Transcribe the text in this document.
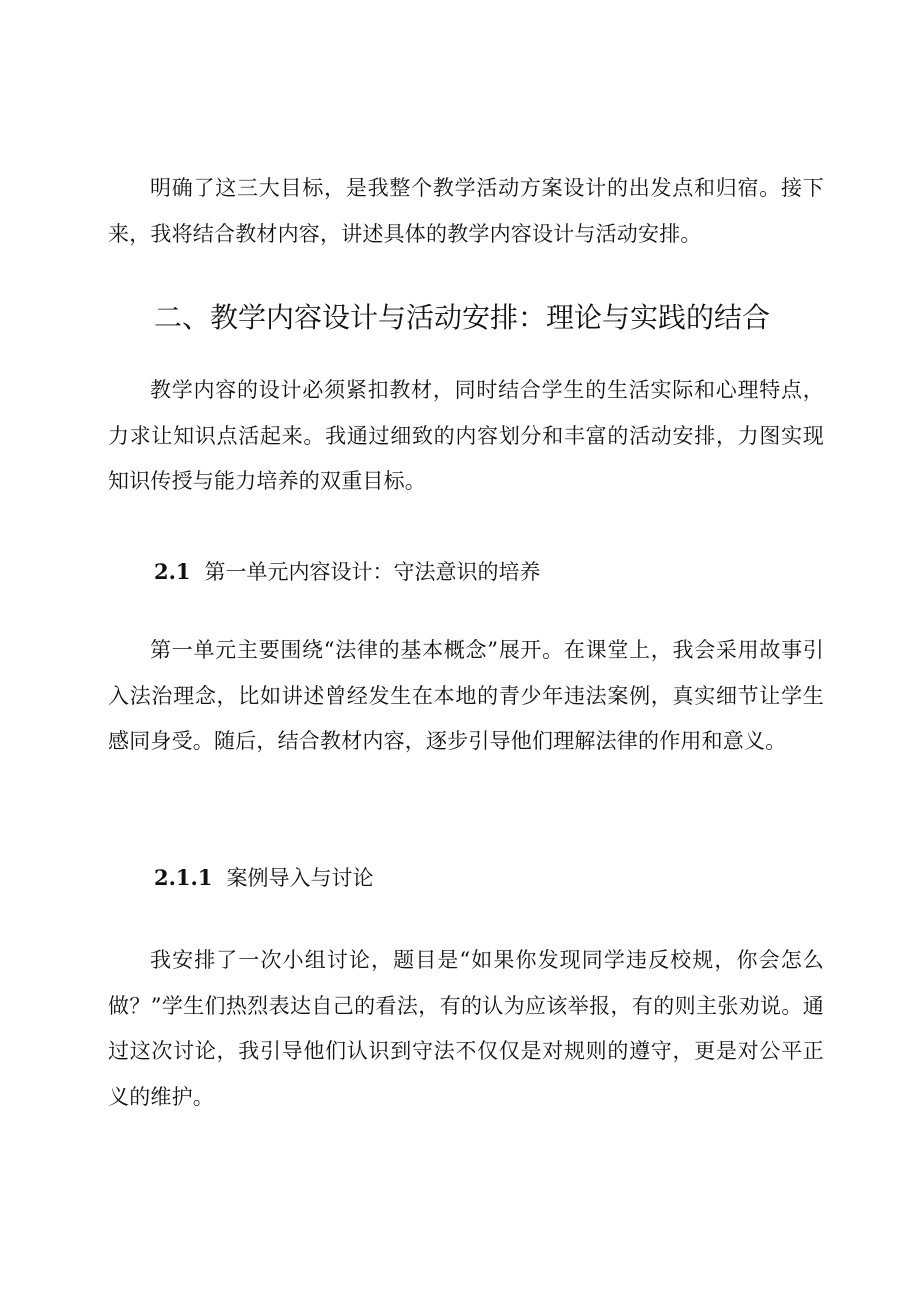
明确了这三大目标，是我整个教学活动方案设计的出发点和归宿。接下来，我将结合教材内容，讲述具体的教学内容设计与活动安排。

二、教学内容设计与活动安排：理论与实践的结合

教学内容的设计必须紧扣教材，同时结合学生的生活实际和心理特点，力求让知识点活起来。我通过细致的内容划分和丰富的活动安排，力图实现知识传授与能力培养的双重目标。

2.1 第一单元内容设计：守法意识的培养

第一单元主要围绕“法律的基本概念”展开。在课堂上，我会采用故事引入法治理念，比如讲述曾经发生在本地的青少年违法案例，真实细节让学生感同身受。随后，结合教材内容，逐步引导他们理解法律的作用和意义。

2.1.1 案例导入与讨论

我安排了一次小组讨论，题目是“如果你发现同学违反校规，你会怎么做？”学生们热烈表达自己的看法，有的认为应该举报，有的则主张劝说。通过这次讨论，我引导他们认识到守法不仅仅是对规则的遵守，更是对公平正义的维护。
